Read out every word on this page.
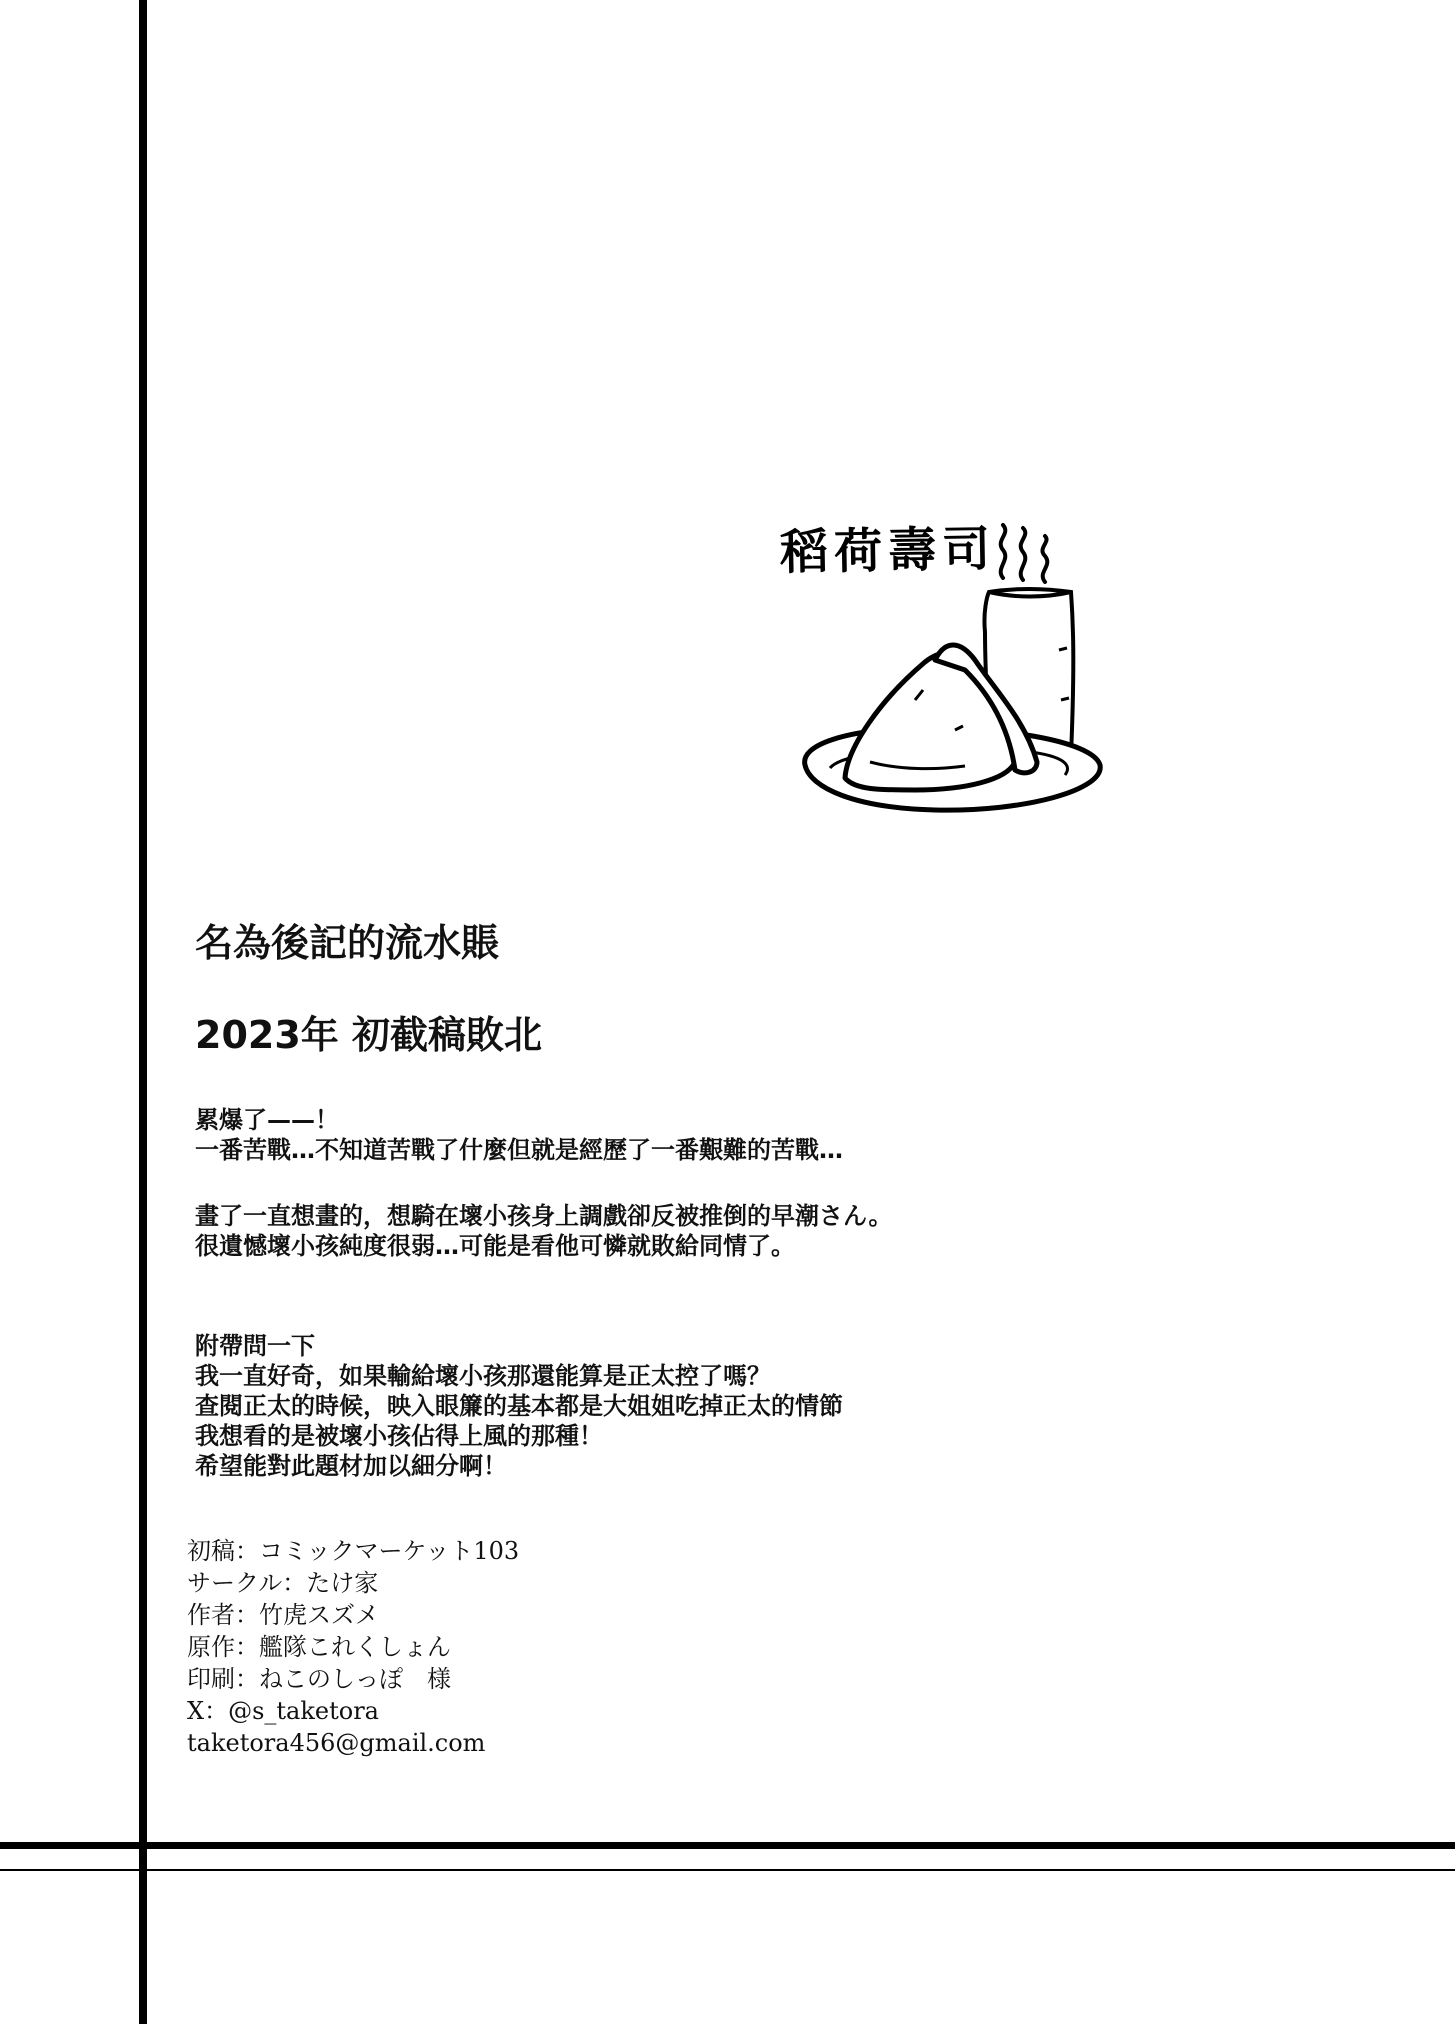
稻荷壽司
名為後記的流水賬
2023年 初截稿敗北
累爆了——！
一番苦戰…不知道苦戰了什麼但就是經歷了一番艱難的苦戰…
畫了一直想畫的，想騎在壞小孩身上調戲卻反被推倒的早潮さん。
很遺憾壞小孩純度很弱…可能是看他可憐就敗給同情了。
附帶問一下
我一直好奇，如果輸給壞小孩那還能算是正太控了嗎？
查閱正太的時候，映入眼簾的基本都是大姐姐吃掉正太的情節
我想看的是被壞小孩佔得上風的那種！
希望能對此題材加以細分啊！
初稿：コミックマーケット103
サークル：たけ家
作者：竹虎スズメ
原作：艦隊これくしょん
印刷：ねこのしっぽ　様
X：@s_taketora
taketora456@gmail.com
